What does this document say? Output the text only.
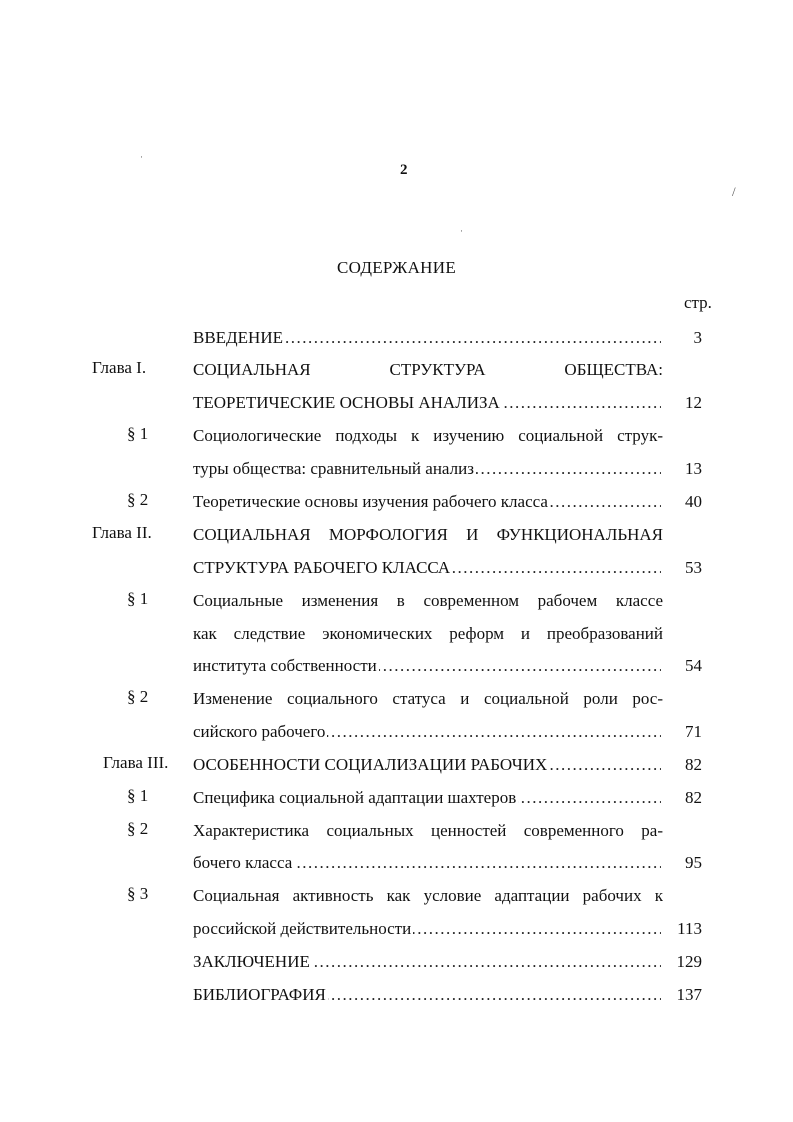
2
СОДЕРЖАНИЕ
стр.
ВВЕДЕНИЕ .....	3
Глава I.	СОЦИАЛЬНАЯ СТРУКТУРА ОБЩЕСТВА:
ТЕОРЕТИЧЕСКИЕ ОСНОВЫ АНАЛИЗА .....	12
§ 1	Социологические подходы к изучению социальной струк-
туры общества: сравнительный анализ .....	13
§ 2	Теоретические основы изучения рабочего класса .....	40
Глава II. СОЦИАЛЬНАЯ МОРФОЛОГИЯ И ФУНКЦИОНАЛЬНАЯ
СТРУКТУРА РАБОЧЕГО КЛАССА .....	53
§ 1	Социальные изменения в современном рабочем классе
как следствие экономических реформ и преобразований
института собственности .....	54
§ 2	Изменение социального статуса и социальной роли рос-
сийского рабочего .....	71
Глава III. ОСОБЕННОСТИ СОЦИАЛИЗАЦИИ РАБОЧИХ .....	82
§ 1	Специфика социальной адаптации шахтеров .....	82
§ 2	Характеристика социальных ценностей современного ра-
бочего класса .....	95
§ 3	Социальная активность как условие адаптации рабочих к
российской действительности .....	113
ЗАКЛЮЧЕНИЕ .....	129
БИБЛИОГРАФИЯ .....	137
·
/
·
